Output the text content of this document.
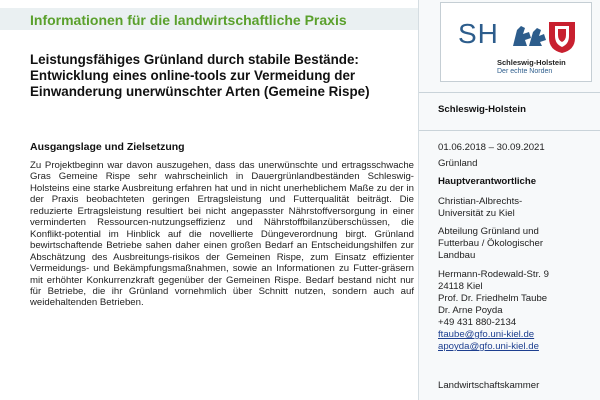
Informationen für die landwirtschaftliche Praxis
Leistungsfähiges Grünland durch stabile Bestände: Entwicklung eines online-tools zur Vermeidung der Einwanderung unerwünschter Arten (Gemeine Rispe)
Ausgangslage und Zielsetzung
Zu Projektbeginn war davon auszugehen, dass das unerwünschte und ertragsschwache Gras Gemeine Rispe sehr wahrscheinlich in Dauergrünlandbeständen Schleswig-Holsteins eine starke Ausbreitung erfahren hat und in nicht unerheblichem Maße zu der in der Praxis beobachteten geringen Ertragsleistung und Futterqualität beiträgt. Die reduzierte Ertragsleistung resultiert bei nicht angepasster Nährstoffversorgung in einer verminderten Ressourcen-nutzungseffizienz und Nährstoffbilanzüberschüssen, die Konflikt-potential im Hinblick auf die novellierte Düngeverordnung birgt. Grünland bewirtschaftende Betriebe sahen daher einen großen Bedarf an Entscheidungshilfen zur Abschätzung des Ausbreitungs-risikos der Gemeinen Rispe, zum Einsatz effizienter Vermeidungs- und Bekämpfungsmaßnahmen, sowie an Informationen zu Futter-gräsern mit erhöhter Konkurrenzkraft gegenüber der Gemeinen Rispe. Bedarf bestand nicht nur für Betriebe, die ihr Grünland vornehmlich über Schnitt nutzen, sondern auch auf weidehaltenden Betrieben.
SH
Schleswig-Holstein
Der echte Norden
Schleswig-Holstein
01.06.2018 – 30.09.2021
Grünland
Hauptverantwortliche
Christian-Albrechts-
Universität zu Kiel
Abteilung Grünland und
Futterbau / Ökologischer
Landbau
Hermann-Rodewald-Str. 9
24118 Kiel
Prof. Dr. Friedhelm Taube
Dr. Arne Poyda
+49 431 880-2134
ftaube@gfo.uni-kiel.de
apoyda@gfo.uni-kiel.de
Landwirtschaftskammer
